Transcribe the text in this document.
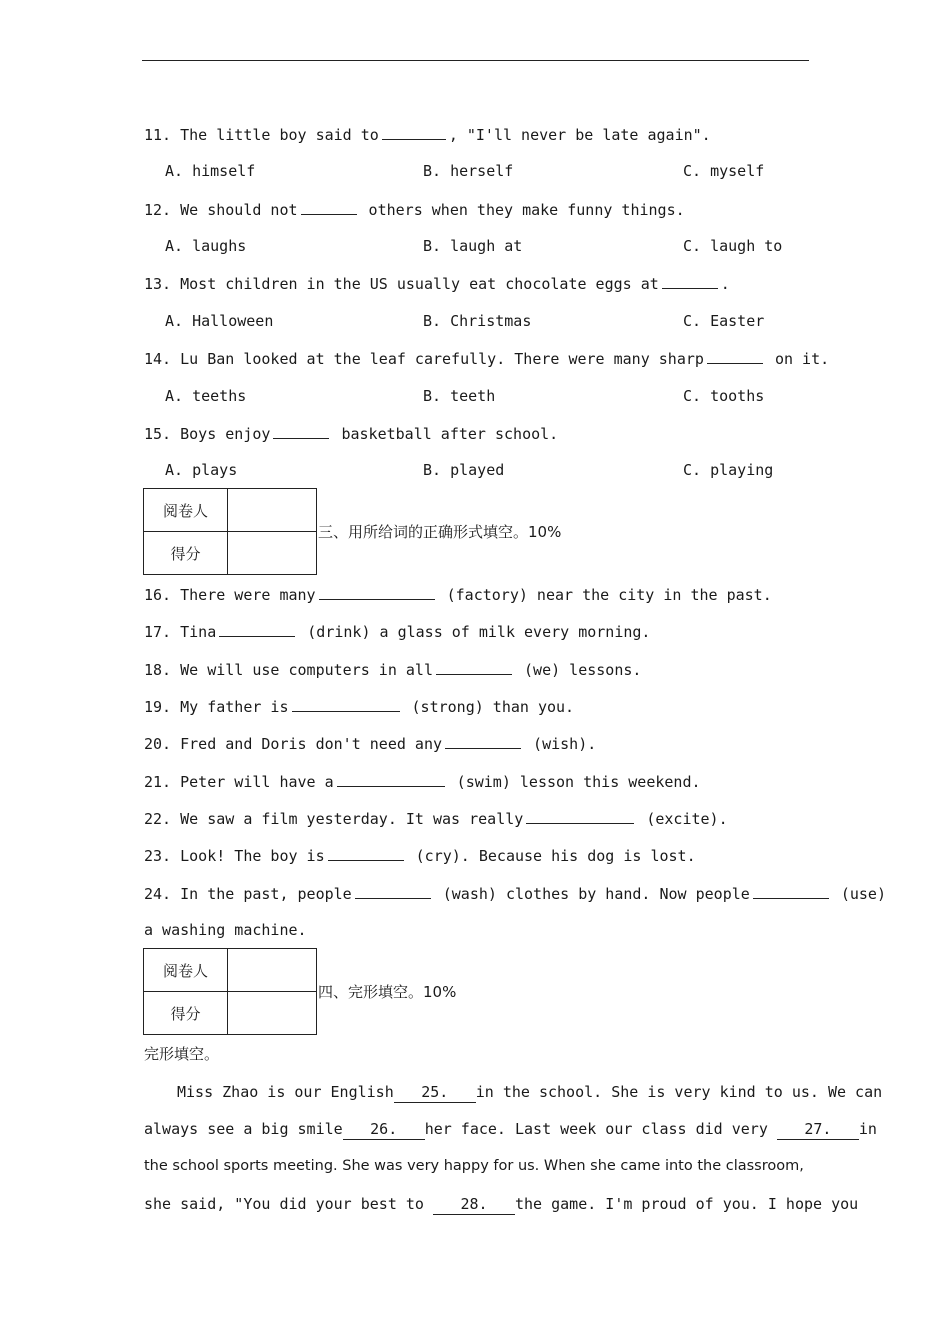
11. The little boy said to	, "I'll never be late again".
A. himself	B. herself	C. myself
12. We should not	others when they make funny things.
A. laughs	B. laugh at	C. laugh to
13. Most children in the US usually eat chocolate eggs at	.
A. Halloween	B. Christmas	C. Easter
14. Lu Ban looked at the leaf carefully. There were many sharp	on it.
A. teeths	B. teeth	C. tooths
15. Boys enjoy	basketball after school.
A. plays	B. played	C. playing
阅卷人	
得分	
三、用所给词的正确形式填空。10%
16. There were many	(factory) near the city in the past.
17. Tina	(drink) a glass of milk every morning.
18. We will use computers in all	(we) lessons.
19. My father is	(strong) than you.
20. Fred and Doris don't need any	(wish).
21. Peter will have a	(swim) lesson this weekend.
22. We saw a film yesterday. It was really	(excite).
23. Look! The boy is	(cry). Because his dog is lost.
24. In the past, people	(wash) clothes by hand. Now people	(use)
a washing machine.
阅卷人	
得分	
四、完形填空。10%
完形填空。
Miss Zhao is our English 25. in the school. She is very kind to us. We can
always see a big smile 26. her face. Last week our class did very 27. in
the school sports meeting. She was very happy for us. When she came into the classroom,
she said, "You did your best to 28. the game. I'm proud of you. I hope you
